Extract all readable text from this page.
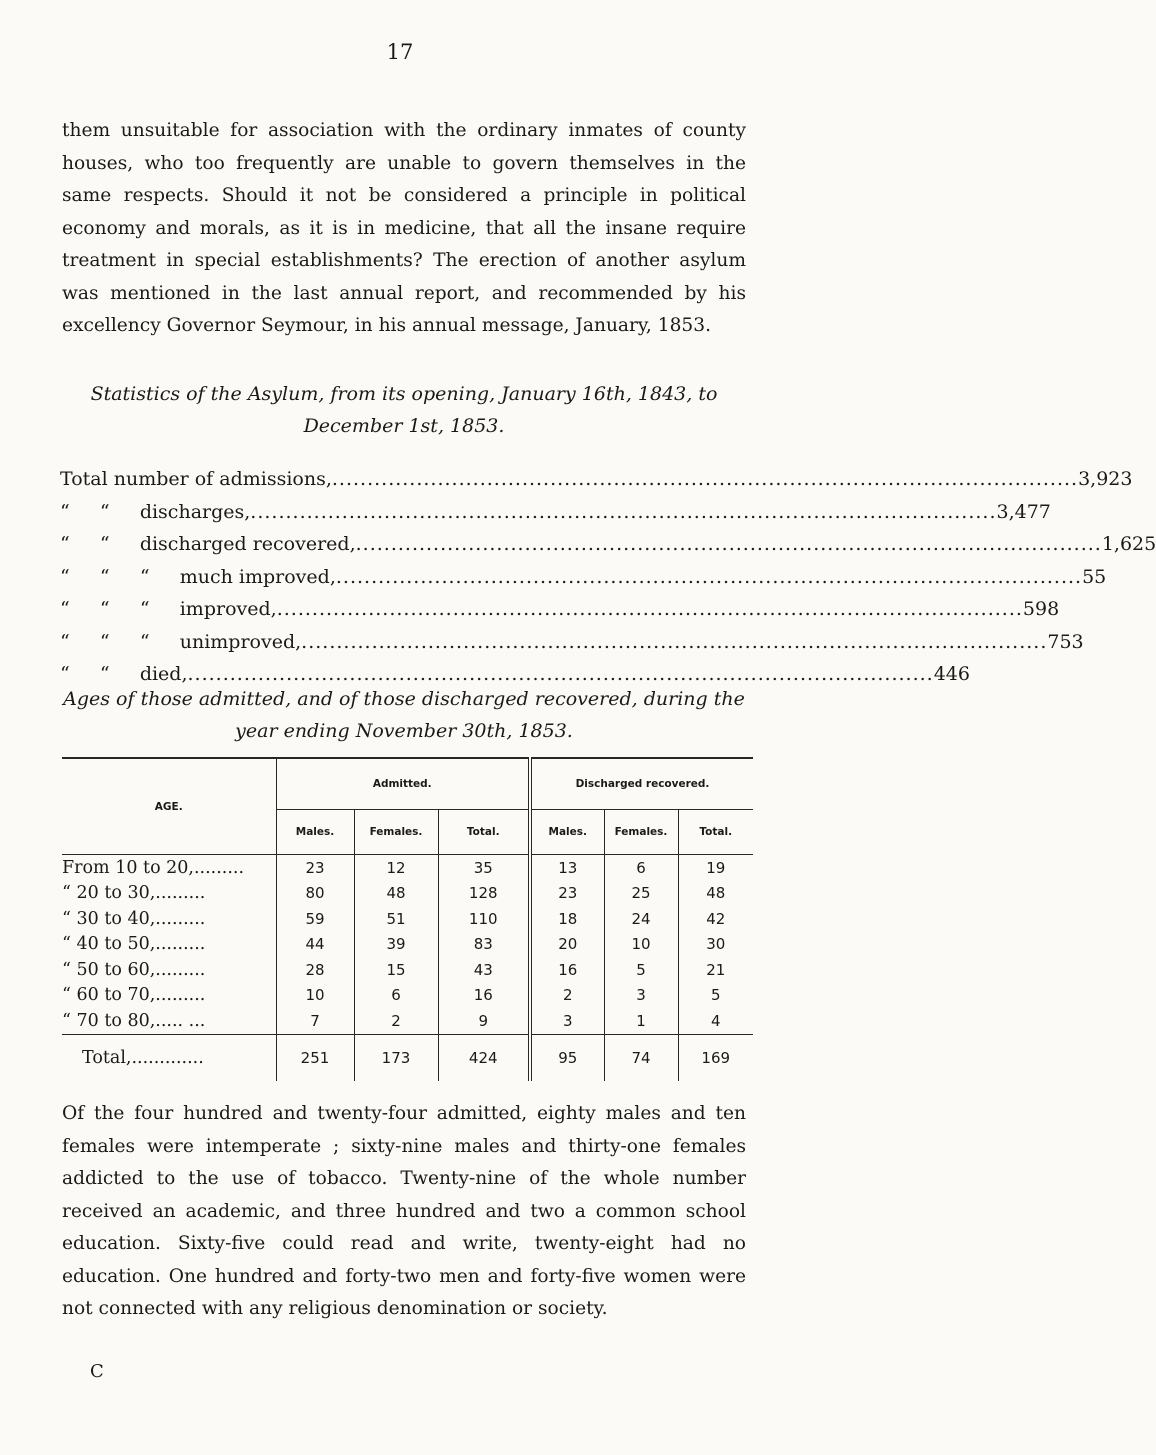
17
them unsuitable for association with the ordinary inmates of county houses, who too frequently are unable to govern themselves in the same respects. Should it not be considered a principle in political economy and morals, as it is in medicine, that all the insane require treatment in special establishments? The erection of another asylum was mentioned in the last annual report, and recommended by his excellency Governor Seymour, in his annual message, January, 1853.
Statistics of the Asylum, from its opening, January 16th, 1843, to
December 1st, 1853.
Total number of admissions, .......................................................................................................... 3,923
“     “     discharges, .......................................................................................................... 3,477
“     “     discharged recovered, .......................................................................................................... 1,625
“     “     “     much improved, .......................................................................................................... 55
“     “     “     improved, .......................................................................................................... 598
“     “     “     unimproved, .......................................................................................................... 753
“     “     died, .......................................................................................................... 446
Ages of those admitted, and of those discharged recovered, during the
year ending November 30th, 1853.
AGE.	Admitted.			Discharged recovered.		
	Males.	Females.	Total.	Males.	Females.	Total.
From 10 to 20,.........	23	12	35	13	6	19
“ 20 to 30,.........	80	48	128	23	25	48
“ 30 to 40,.........	59	51	110	18	24	42
“ 40 to 50,.........	44	39	83	20	10	30
“ 50 to 60,.........	28	15	43	16	5	21
“ 60 to 70,.........	10	6	16	2	3	5
“ 70 to 80,..... ...	7	2	9	3	1	4
Total,.............	251	173	424	95	74	169
Of the four hundred and twenty-four admitted, eighty males and ten females were intemperate ; sixty-nine males and thirty-one females addicted to the use of tobacco. Twenty-nine of the whole number received an academic, and three hundred and two a common school education. Sixty-five could read and write, twenty-eight had no education. One hundred and forty-two men and forty-five women were not connected with any religious denomination or society.
C
